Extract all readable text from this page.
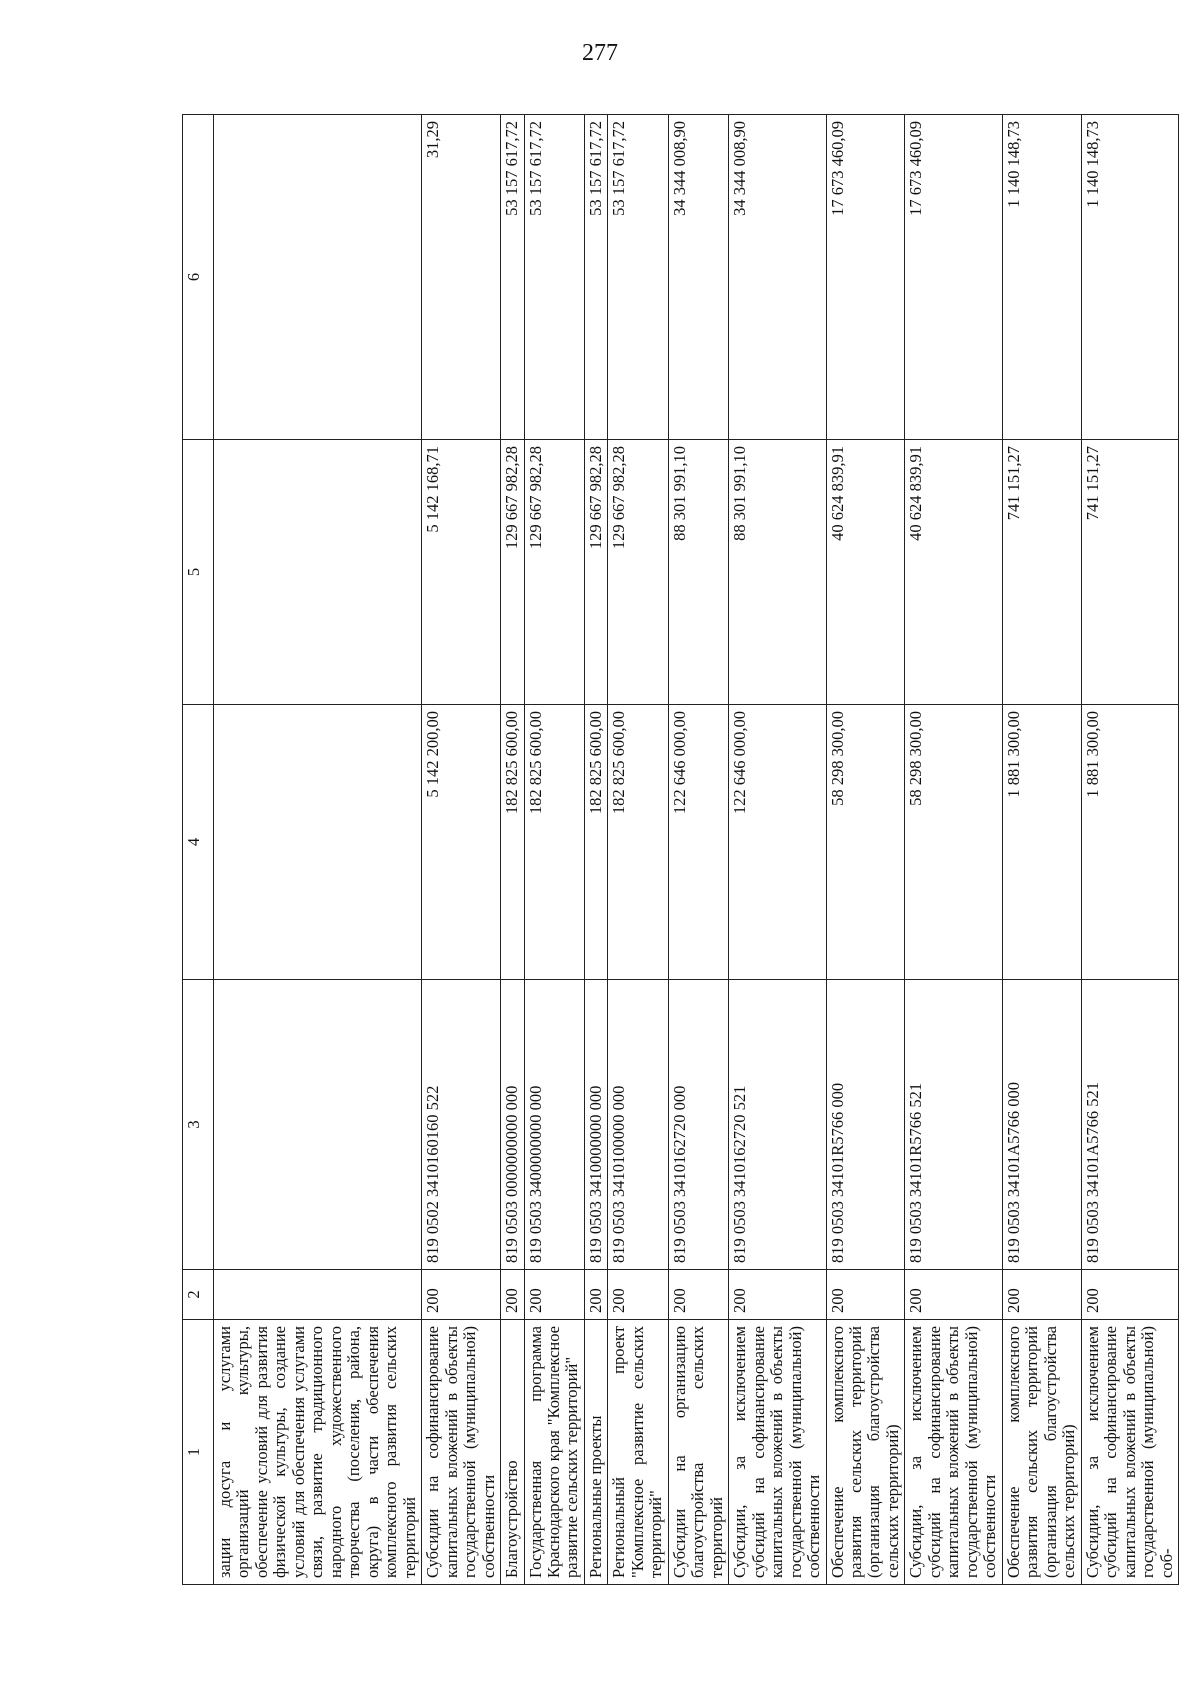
277
1	2	3	4	5	6
зации досуга и услугами организаций культуры, обеспечение условий для развития физической культуры, создание условий для обеспечения услугами связи, развитие традиционного народного художественного творчества (поселения, района, округа) в части обеспечения комплексного развития сельских территорий					
Субсидии на софинансирование капитальных вложений в объекты государственной (муниципальной) собственности	200	819 0502 3410160160 522	5 142 200,00	5 142 168,71	31,29
Благоустройство	200	819 0503 0000000000 000	182 825 600,00	129 667 982,28	53 157 617,72
Государственная программа Краснодарского края "Комплексное развитие сельских территорий"	200	819 0503 3400000000 000	182 825 600,00	129 667 982,28	53 157 617,72
Региональные проекты	200	819 0503 3410000000 000	182 825 600,00	129 667 982,28	53 157 617,72
Региональный проект "Комплексное развитие сельских территорий"	200	819 0503 3410100000 000	182 825 600,00	129 667 982,28	53 157 617,72
Субсидии на организацию благоустройства сельских территорий	200	819 0503 3410162720 000	122 646 000,00	88 301 991,10	34 344 008,90
Субсидии, за исключением субсидий на софинансирование капитальных вложений в объекты государственной (муниципальной) собственности	200	819 0503 3410162720 521	122 646 000,00	88 301 991,10	34 344 008,90
Обеспечение комплексного развития сельских территорий (организация благоустройства сельских территорий)	200	819 0503 34101R5766 000	58 298 300,00	40 624 839,91	17 673 460,09
Субсидии, за исключением субсидий на софинансирование капитальных вложений в объекты государственной (муниципальной) собственности	200	819 0503 34101R5766 521	58 298 300,00	40 624 839,91	17 673 460,09
Обеспечение комплексного развития сельских территорий (организация благоустройства сельских территорий)	200	819 0503 34101A5766 000	1 881 300,00	741 151,27	1 140 148,73
Субсидии, за исключением субсидий на софинансирование капитальных вложений в объекты государственной (муниципальной) соб-	200	819 0503 34101A5766 521	1 881 300,00	741 151,27	1 140 148,73
